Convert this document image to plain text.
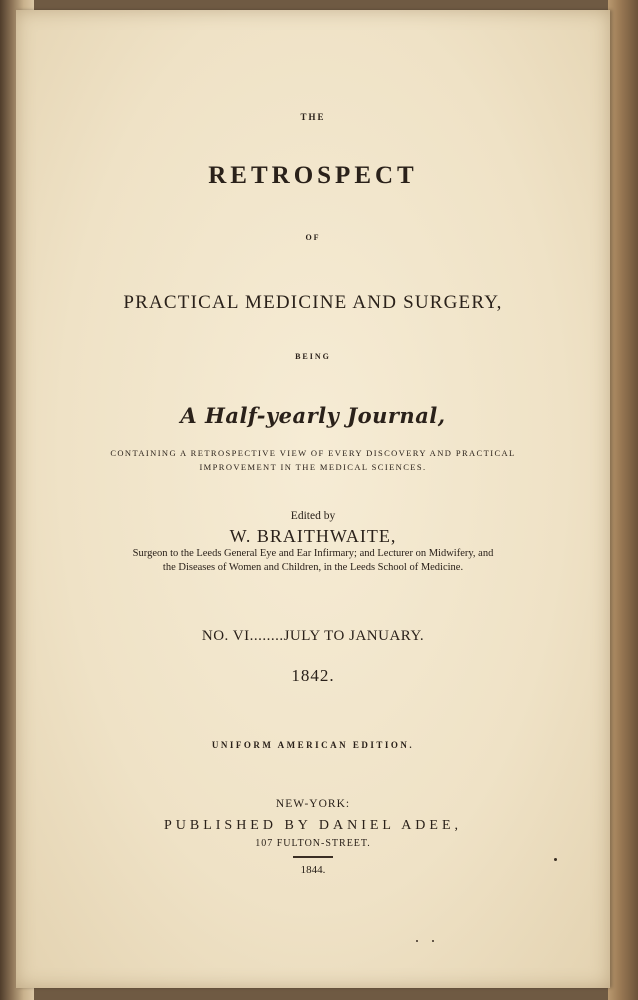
THE
RETROSPECT
OF
PRACTICAL MEDICINE AND SURGERY,
BEING
A Half-yearly Journal,
CONTAINING A RETROSPECTIVE VIEW OF EVERY DISCOVERY AND PRACTICAL
IMPROVEMENT IN THE MEDICAL SCIENCES.
Edited by
W. BRAITHWAITE,
Surgeon to the Leeds General Eye and Ear Infirmary; and Lecturer on Midwifery, and
the Diseases of Women and Children, in the Leeds School of Medicine.
NO. VI........JULY TO JANUARY.
1842.
UNIFORM AMERICAN EDITION.
NEW-YORK:
PUBLISHED BY DANIEL ADEE,
107 FULTON-STREET.
1844.
